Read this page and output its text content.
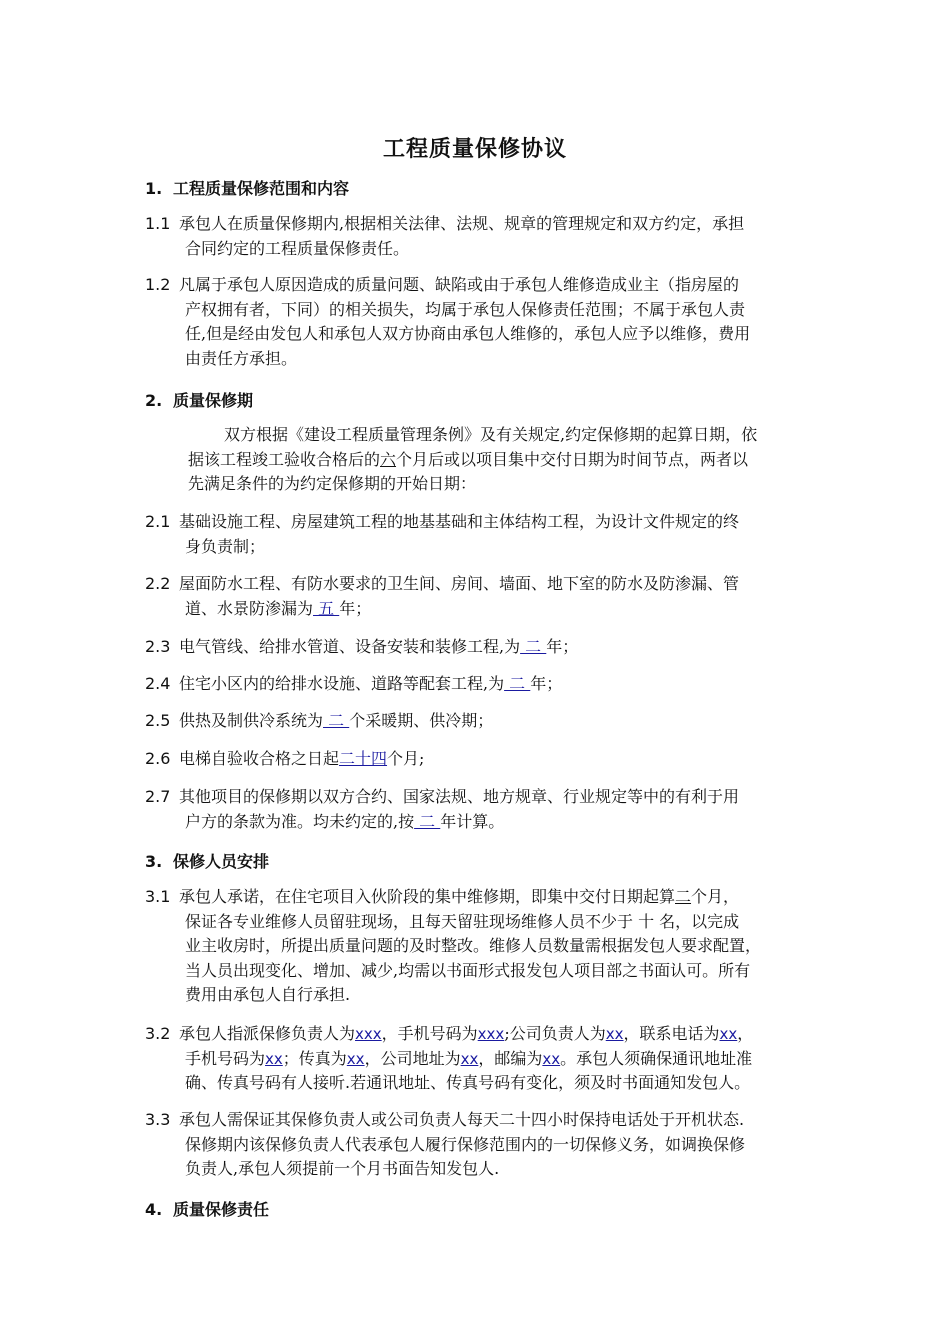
工程质量保修协议
1. 工程质量保修范围和内容
1.1 承包人在质量保修期内,根据相关法律、法规、规章的管理规定和双方约定，承担
合同约定的工程质量保修责任。
1.2 凡属于承包人原因造成的质量问题、缺陷或由于承包人维修造成业主（指房屋的
产权拥有者，下同）的相关损失，均属于承包人保修责任范围；不属于承包人责
任,但是经由发包人和承包人双方协商由承包人维修的，承包人应予以维修，费用
由责任方承担。
2. 质量保修期
双方根据《建设工程质量管理条例》及有关规定,约定保修期的起算日期，依
据该工程竣工验收合格后的六个月后或以项目集中交付日期为时间节点，两者以
先满足条件的为约定保修期的开始日期：
2.1 基础设施工程、房屋建筑工程的地基基础和主体结构工程，为设计文件规定的终
身负责制；
2.2 屋面防水工程、有防水要求的卫生间、房间、墙面、地下室的防水及防渗漏、管
道、水景防渗漏为 五 年；
2.3 电气管线、给排水管道、设备安装和装修工程,为 二 年；
2.4 住宅小区内的给排水设施、道路等配套工程,为 二 年；
2.5 供热及制供冷系统为 二 个采暖期、供冷期；
2.6 电梯自验收合格之日起二十四个月;
2.7 其他项目的保修期以双方合约、国家法规、地方规章、行业规定等中的有利于用
户方的条款为准。均未约定的,按 二 年计算。
3. 保修人员安排
3.1 承包人承诺，在住宅项目入伙阶段的集中维修期，即集中交付日期起算二个月，
保证各专业维修人员留驻现场，且每天留驻现场维修人员不少于 十 名，以完成
业主收房时，所提出质量问题的及时整改。维修人员数量需根据发包人要求配置，
当人员出现变化、增加、减少,均需以书面形式报发包人项目部之书面认可。所有
费用由承包人自行承担.
3.2 承包人指派保修负责人为xxx，手机号码为xxx;公司负责人为xx，联系电话为xx，
手机号码为xx；传真为xx，公司地址为xx，邮编为xx。承包人须确保通讯地址准
确、传真号码有人接听.若通讯地址、传真号码有变化，须及时书面通知发包人。
3.3 承包人需保证其保修负责人或公司负责人每天二十四小时保持电话处于开机状态.
保修期内该保修负责人代表承包人履行保修范围内的一切保修义务，如调换保修
负责人,承包人须提前一个月书面告知发包人.
4. 质量保修责任
